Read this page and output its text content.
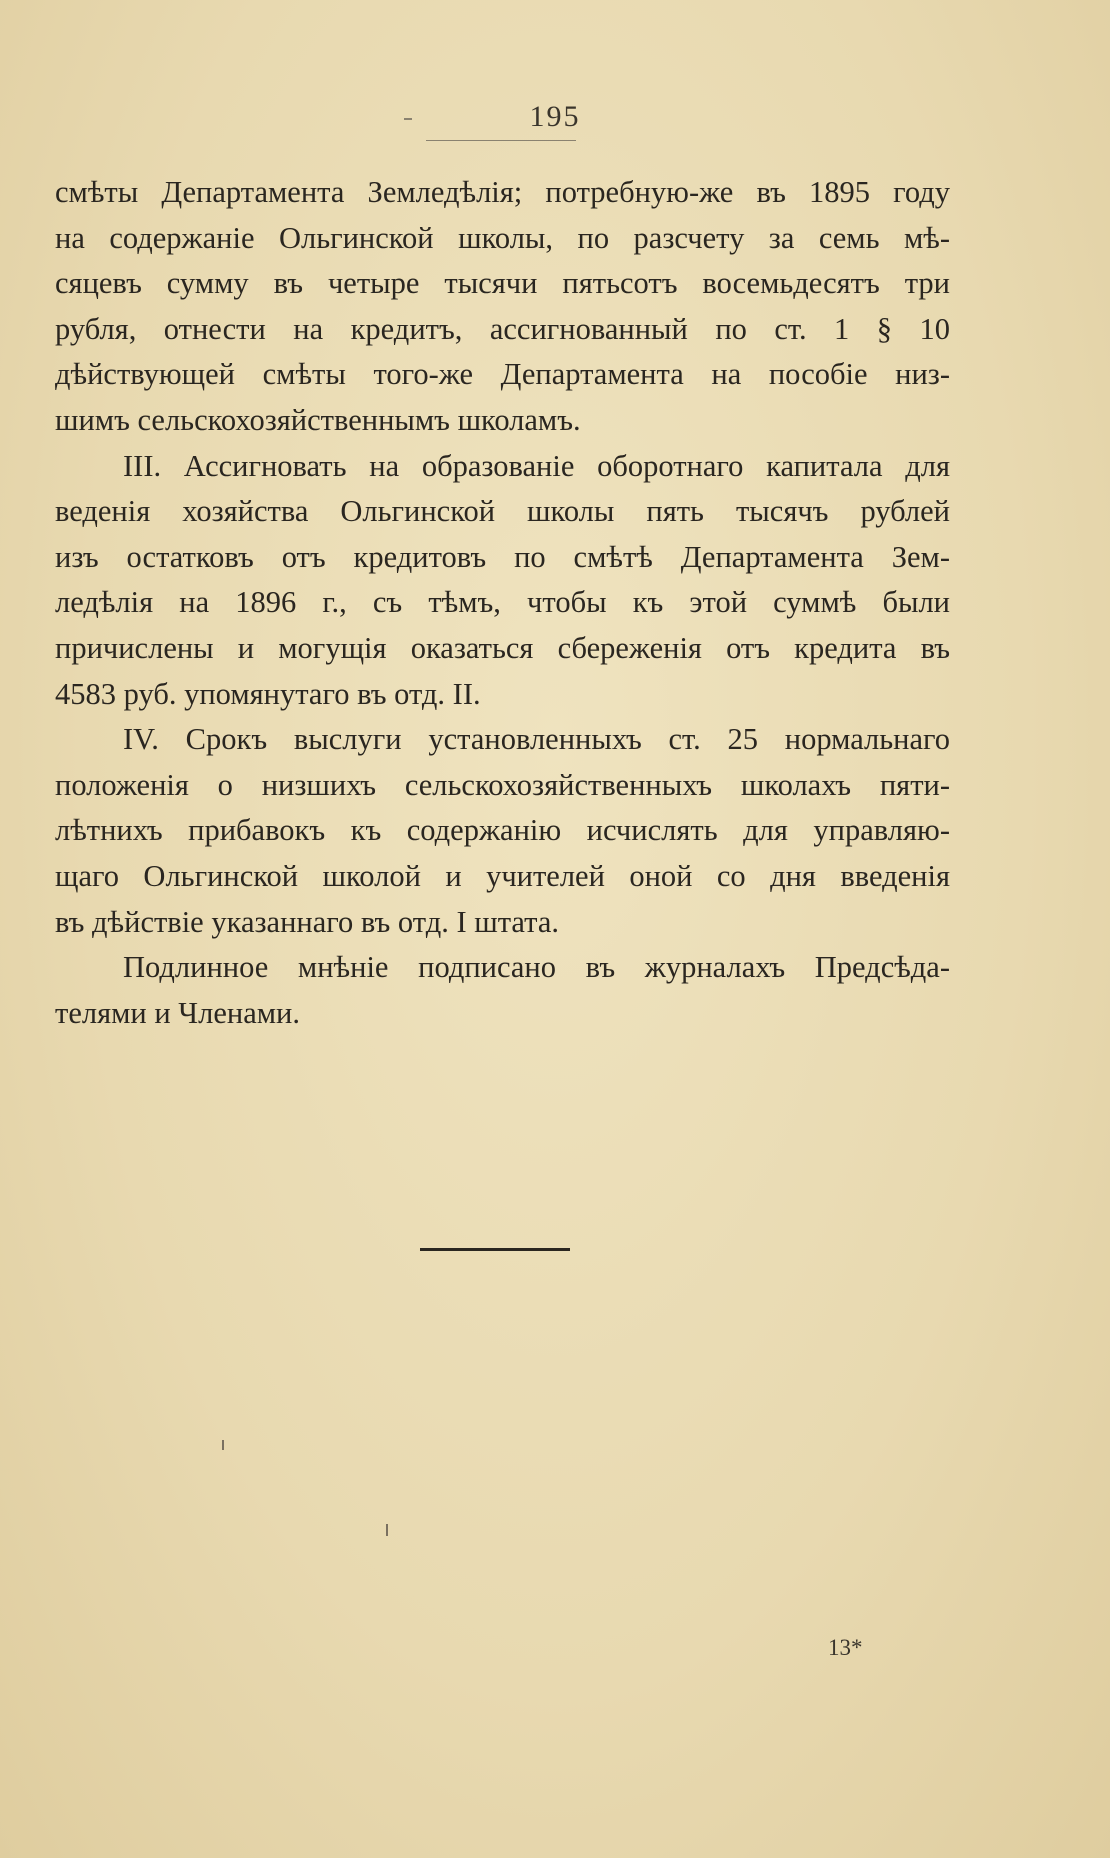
195
смѣты Департамента Земледѣлія; потребную-же въ 1895 году
на содержаніе Ольгинской школы, по разсчету за семь мѣ-
сяцевъ сумму въ четыре тысячи пятьсотъ восемьдесятъ три
рубля, отнести на кредитъ, ассигнованный по ст. 1 § 10
дѣйствующей смѣты того-же Департамента на пособіе низ-
шимъ сельскохозяйственнымъ школамъ.
III. Ассигновать на образованіе оборотнаго капитала для
веденія хозяйства Ольгинской школы пять тысячъ рублей
изъ остатковъ отъ кредитовъ по смѣтѣ Департамента Зем-
ледѣлія на 1896 г., съ тѣмъ, чтобы къ этой суммѣ были
причислены и могущія оказаться сбереженія отъ кредита въ
4583 руб. упомянутаго въ отд. II.
IV. Срокъ выслуги установленныхъ ст. 25 нормальнаго
положенія о низшихъ сельскохозяйственныхъ школахъ пяти-
лѣтнихъ прибавокъ къ содержанію исчислять для управляю-
щаго Ольгинской школой и учителей оной со дня введенія
въ дѣйствіе указаннаго въ отд. I штата.
Подлинное мнѣніе подписано въ журналахъ Предсѣда-
телями и Членами.
13*
